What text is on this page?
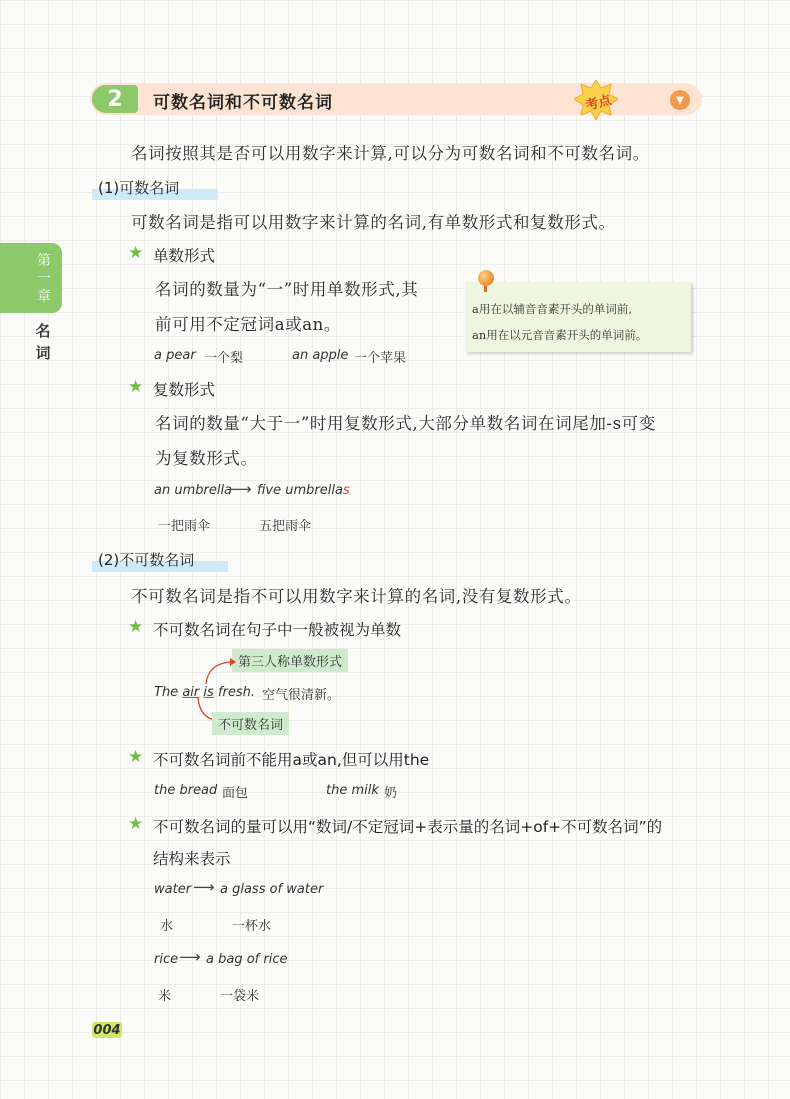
2	可数名词和不可数名词	考点	▼
第
一
章
名
词
名词按照其是否可以用数字来计算,可以分为可数名词和不可数名词。
(1)可数名词
可数名词是指可以用数字来计算的名词,有单数形式和复数形式。
★ 单数形式
名词的数量为“一”时用单数形式,其
前可用不定冠词a或an。
a pear 一个梨	an apple 一个苹果
a用在以辅音音素开头的单词前,
an用在以元音音素开头的单词前。
★ 复数形式
名词的数量“大于一”时用复数形式,大部分单数名词在词尾加-s可变
为复数形式。
an umbrella
⟶ five umbrellas
一把雨伞	五把雨伞
(2)不可数名词
不可数名词是指不可以用数字来计算的名词,没有复数形式。
★ 不可数名词在句子中一般被视为单数
第三人称单数形式
The air is fresh. 空气很清新。
不可数名词
★ 不可数名词前不能用a或an,但可以用the
the bread 面包	the milk 奶
★ 不可数名词的量可以用“数词/不定冠词+表示量的名词+of+不可数名词”的
结构来表示
water ⟶ a glass of water
水	一杯水
rice ⟶ a bag of rice
米	一袋米
004
